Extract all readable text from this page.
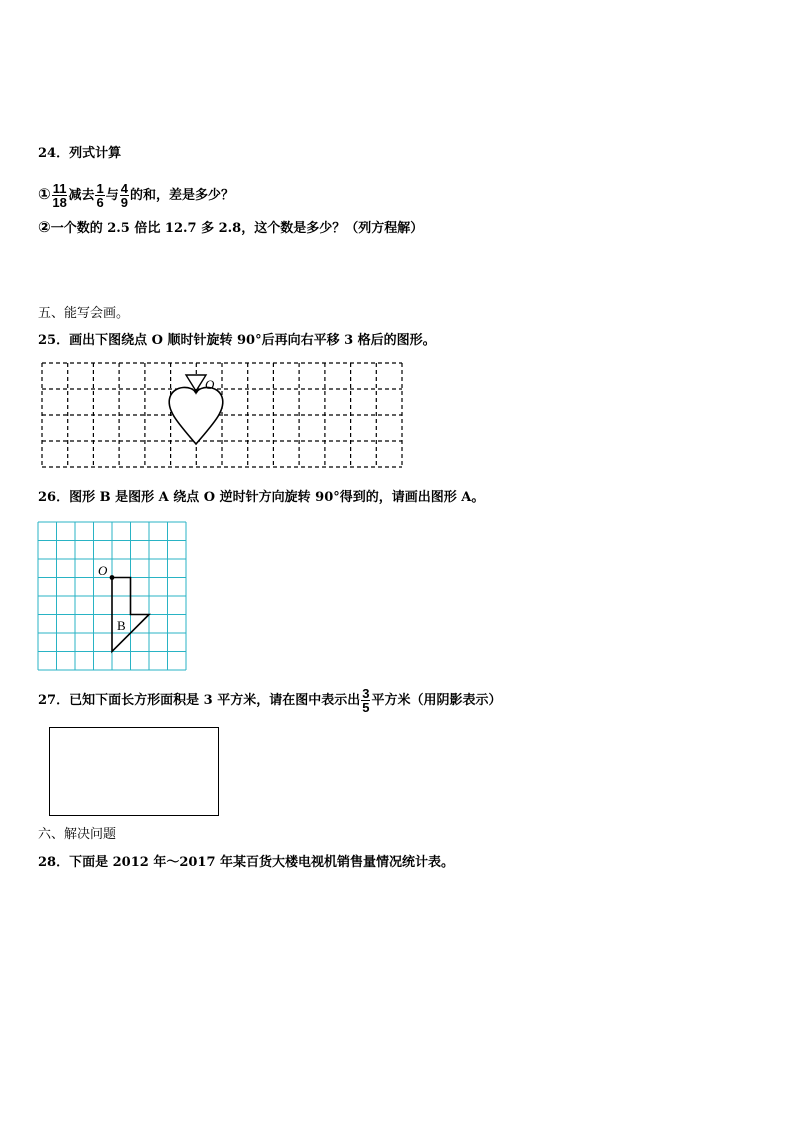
24．列式计算
① $\frac{11}{18}$ 减去 $\frac{1}{6}$ 与 $\frac{4}{9}$ 的和，差是多少？
②一个数的 2.5 倍比 12.7 多 2.8，这个数是多少？（列方程解）
五、能写会画。
25．画出下图绕点 O 顺时针旋转 90°后再向右平移 3 格后的图形。
O
26．图形 B 是图形 A 绕点 O 逆时针方向旋转 90°得到的，请画出图形 A。
O
B
27．已知下面长方形面积是 3 平方米，请在图中表示出 $\frac{3}{5}$ 平方米（用阴影表示）
六、解决问题
28．下面是 2012 年～2017 年某百货大楼电视机销售量情况统计表。
